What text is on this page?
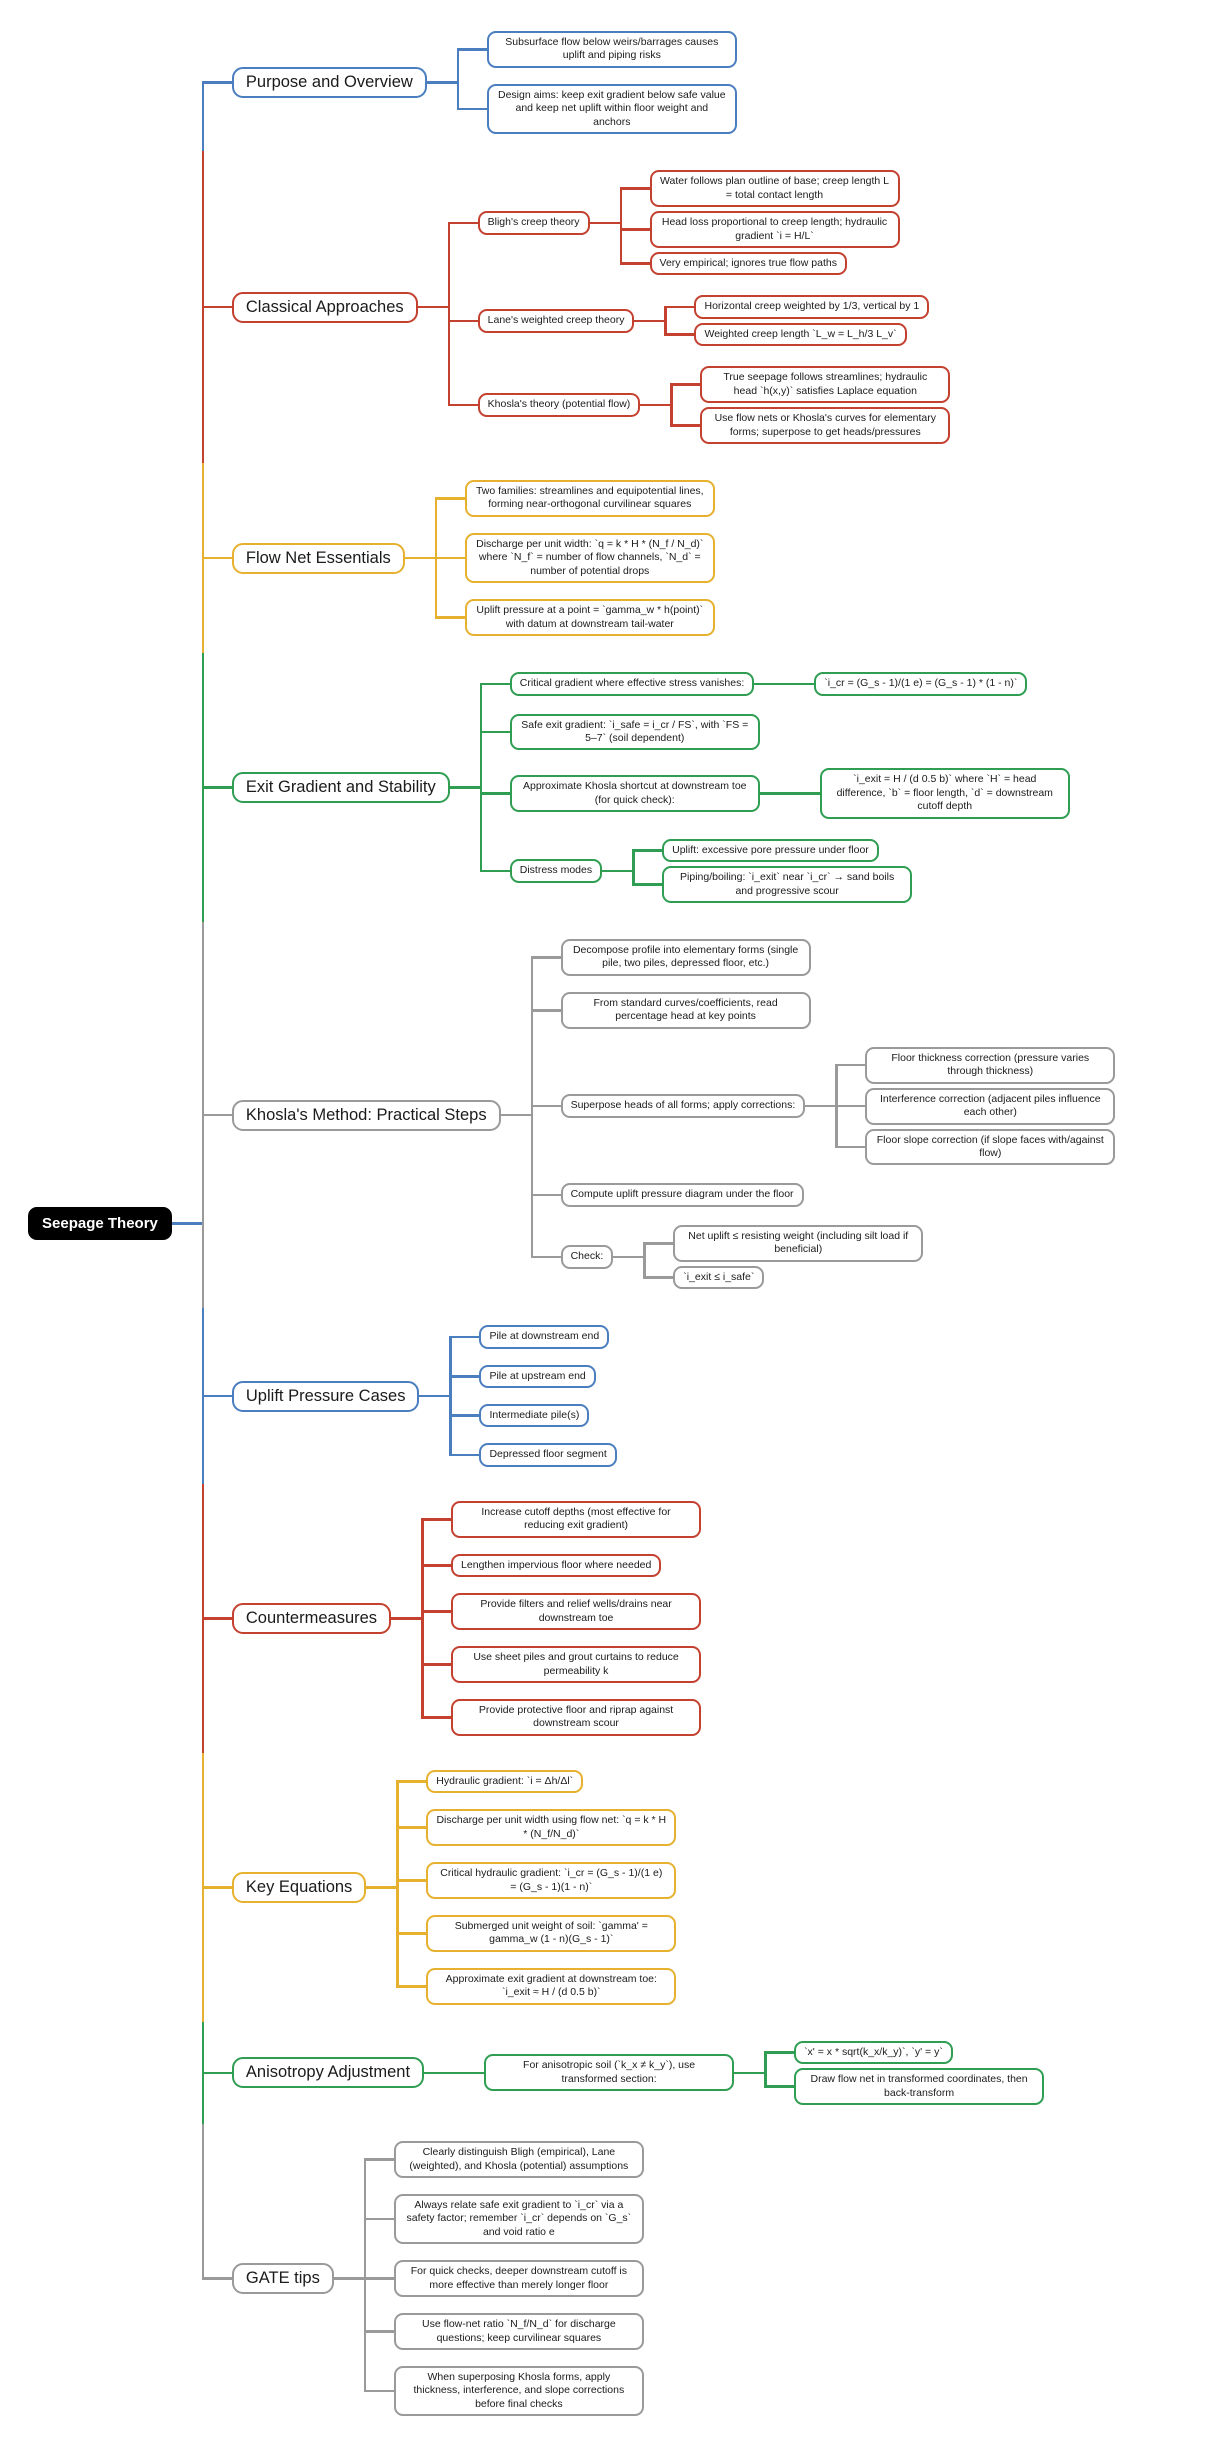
Seepage Theory
Purpose and Overview
Subsurface flow below weirs/barrages causes uplift and piping risks
Design aims: keep exit gradient below safe value and keep net uplift within floor weight and anchors
Classical Approaches
Bligh's creep theory
Water follows plan outline of base; creep length L = total contact length
Head loss proportional to creep length; hydraulic gradient `i = H/L`
Very empirical; ignores true flow paths
Lane's weighted creep theory
Horizontal creep weighted by 1/3, vertical by 1
Weighted creep length `L_w = L_h/3 L_v`
Khosla's theory (potential flow)
True seepage follows streamlines; hydraulic head `h(x,y)` satisfies Laplace equation
Use flow nets or Khosla's curves for elementary forms; superpose to get heads/pressures
Flow Net Essentials
Two families: streamlines and equipotential lines, forming near-orthogonal curvilinear squares
Discharge per unit width: `q = k * H * (N_f / N_d)` where `N_f` = number of flow channels, `N_d` = number of potential drops
Uplift pressure at a point = `gamma_w * h(point)` with datum at downstream tail-water
Exit Gradient and Stability
Critical gradient where effective stress vanishes:	`i_cr = (G_s - 1)/(1 e) = (G_s - 1) * (1 - n)`
Safe exit gradient: `i_safe = i_cr / FS`, with `FS = 5–7` (soil dependent)
Approximate Khosla shortcut at downstream toe (for quick check):
`i_exit = H / (d 0.5 b)` where `H` = head difference, `b` = floor length, `d` = downstream cutoff depth
Distress modes
Uplift: excessive pore pressure under floor
Piping/boiling: `i_exit` near `i_cr` → sand boils and progressive scour
Khosla's Method: Practical Steps
Decompose profile into elementary forms (single pile, two piles, depressed floor, etc.)
From standard curves/coefficients, read percentage head at key points
Superpose heads of all forms; apply corrections:
Floor thickness correction (pressure varies through thickness)
Interference correction (adjacent piles influence each other)
Floor slope correction (if slope faces with/against flow)
Compute uplift pressure diagram under the floor
Check:
Net uplift ≤ resisting weight (including silt load if beneficial)
`i_exit ≤ i_safe`
Uplift Pressure Cases
Pile at downstream end
Pile at upstream end
Intermediate pile(s)
Depressed floor segment
Countermeasures
Increase cutoff depths (most effective for reducing exit gradient)
Lengthen impervious floor where needed
Provide filters and relief wells/drains near downstream toe
Use sheet piles and grout curtains to reduce permeability k
Provide protective floor and riprap against downstream scour
Key Equations
Hydraulic gradient: `i = Δh/Δl`
Discharge per unit width using flow net: `q = k * H * (N_f/N_d)`
Critical hydraulic gradient: `i_cr = (G_s - 1)/(1 e) = (G_s - 1)(1 - n)`
Submerged unit weight of soil: `gamma' = gamma_w (1 - n)(G_s - 1)`
Approximate exit gradient at downstream toe: `i_exit ≈ H / (d 0.5 b)`
Anisotropy Adjustment	For anisotropic soil (`k_x ≠ k_y`), use transformed section:
`x' = x * sqrt(k_x/k_y)`, `y' = y`
Draw flow net in transformed coordinates, then back-transform
GATE tips
Clearly distinguish Bligh (empirical), Lane (weighted), and Khosla (potential) assumptions
Always relate safe exit gradient to `i_cr` via a safety factor; remember `i_cr` depends on `G_s` and void ratio e
For quick checks, deeper downstream cutoff is more effective than merely longer floor
Use flow-net ratio `N_f/N_d` for discharge questions; keep curvilinear squares
When superposing Khosla forms, apply thickness, interference, and slope corrections before final checks
